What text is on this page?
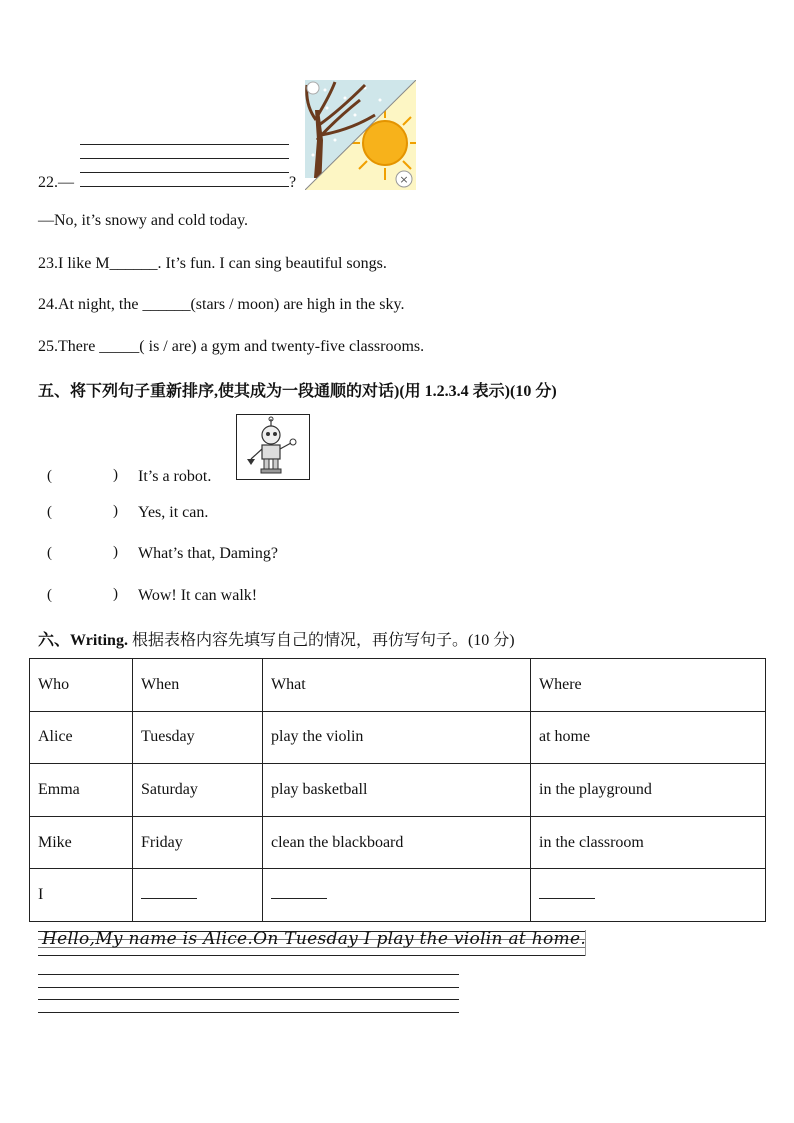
22.—	?	×
—No, it’s snowy and cold today.
23.I like M______. It’s fun. I can sing beautiful songs.
24.At night, the ______(stars / moon) are high in the sky.
25.There _____( is / are) a gym and twenty-five classrooms.
五、将下列句子重新排序,使其成为一段通顺的对话)(用 1.2.3.4 表示)(10 分)
(	) It’s a robot.
(	) Yes, it can.
(	) What’s that, Daming?
(	) Wow! It can walk!
六、Writing. 根据表格内容先填写自己的情况，再仿写句子。(10 分)
Who	When	What	Where
Alice	Tuesday	play the violin	at home
Emma	Saturday	play basketball	in the playground
Mike	Friday	clean the blackboard	in the classroom
I			
Hello,My name is Alice.On Tuesday I play the violin at home.
